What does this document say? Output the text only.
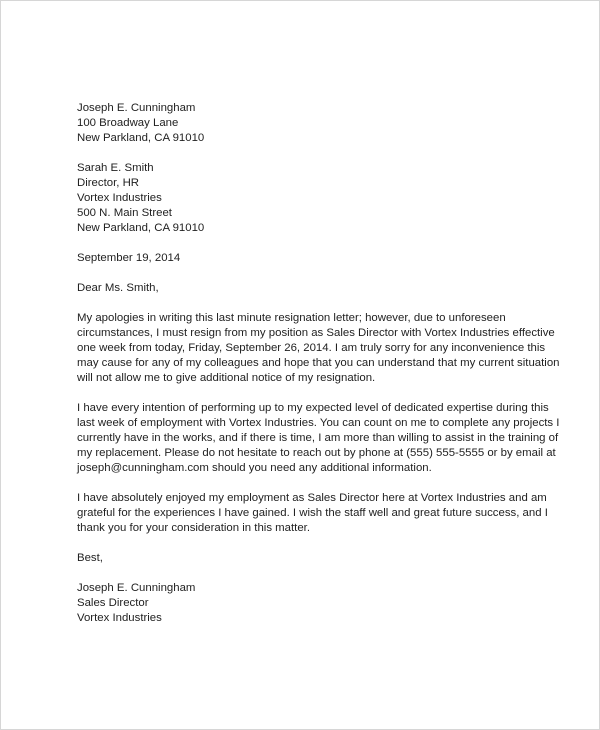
Joseph E. Cunningham
100 Broadway Lane
New Parkland, CA 91010
Sarah E. Smith
Director, HR
Vortex Industries
500 N. Main Street
New Parkland, CA 91010
September 19, 2014
Dear Ms. Smith,
My apologies in writing this last minute resignation letter; however, due to unforeseen
circumstances, I must resign from my position as Sales Director with Vortex Industries effective
one week from today, Friday, September 26, 2014. I am truly sorry for any inconvenience this
may cause for any of my colleagues and hope that you can understand that my current situation
will not allow me to give additional notice of my resignation.
I have every intention of performing up to my expected level of dedicated expertise during this
last week of employment with Vortex Industries. You can count on me to complete any projects I
currently have in the works, and if there is time, I am more than willing to assist in the training of
my replacement. Please do not hesitate to reach out by phone at (555) 555-5555 or by email at
joseph@cunningham.com should you need any additional information.
I have absolutely enjoyed my employment as Sales Director here at Vortex Industries and am
grateful for the experiences I have gained. I wish the staff well and great future success, and I
thank you for your consideration in this matter.
Best,
Joseph E. Cunningham
Sales Director
Vortex Industries
